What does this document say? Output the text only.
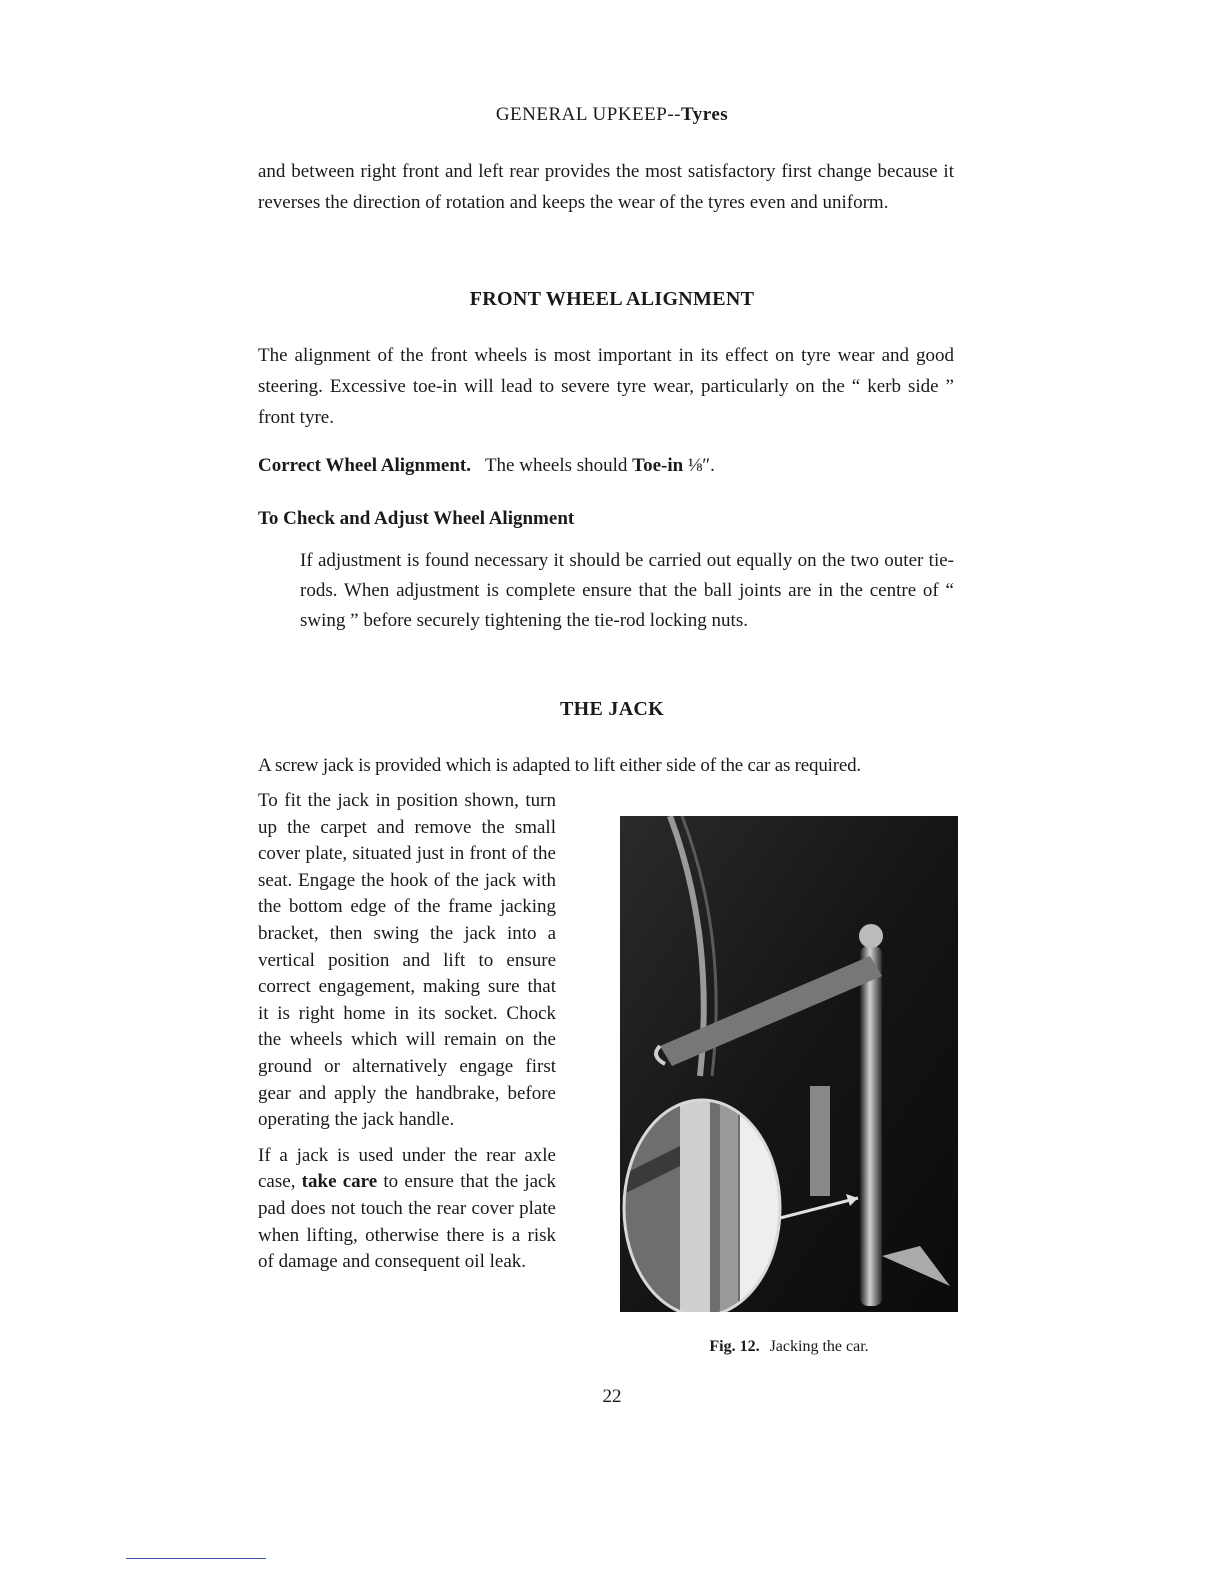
GENERAL UPKEEP--Tyres
and between right front and left rear provides the most satisfactory first change because it reverses the direction of rotation and keeps the wear of the tyres even and uniform.
FRONT WHEEL ALIGNMENT
The alignment of the front wheels is most important in its effect on tyre wear and good steering. Excessive toe-in will lead to severe tyre wear, particularly on the “ kerb side ” front tyre.
Correct Wheel Alignment. The wheels should Toe-in ⅛″.
To Check and Adjust Wheel Alignment
If adjustment is found necessary it should be carried out equally on the two outer tie-rods. When adjustment is complete ensure that the ball joints are in the centre of “ swing ” before securely tightening the tie-rod locking nuts.
THE JACK
A screw jack is provided which is adapted to lift either side of the car as required.

To fit the jack in position shown, turn up the carpet and remove the small cover plate, situated just in front of the seat. Engage the hook of the jack with the bottom edge of the frame jacking bracket, then swing the jack into a vertical position and lift to ensure correct engagement, making sure that it is right home in its socket. Chock the wheels which will remain on the ground or alternatively engage first gear and apply the handbrake, before operating the jack handle.

If a jack is used under the rear axle case, take care to ensure that the jack pad does not touch the rear cover plate when lifting, otherwise there is a risk of damage and consequent oil leak.

Fig. 12. Jacking the car.
22
